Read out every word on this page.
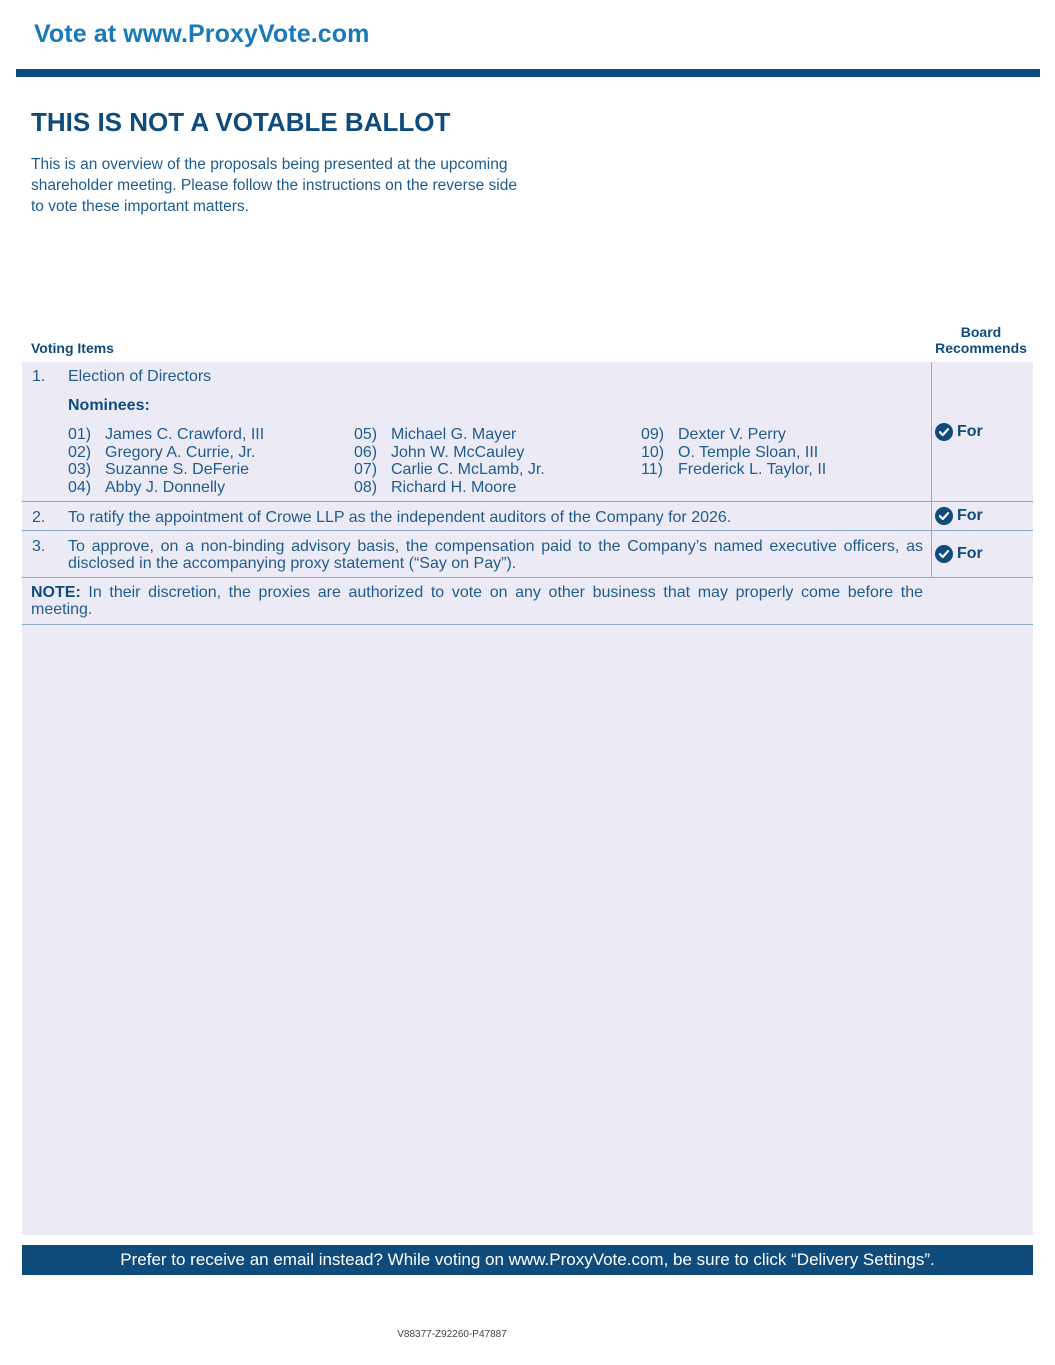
Vote at www.ProxyVote.com
THIS IS NOT A VOTABLE BALLOT

This is an overview of the proposals being presented at the upcoming shareholder meeting. Please follow the instructions on the reverse side to vote these important matters.

Voting Items
Board
Recommends
1. Election of Directors
Nominees:
01) James C. Crawford, III
02) Gregory A. Currie, Jr.
03) Suzanne S. DeFerie
04) Abby J. Donnelly
05) Michael G. Mayer
06) John W. McCauley
07) Carlie C. McLamb, Jr.
08) Richard H. Moore
09) Dexter V. Perry
10) O. Temple Sloan, III
11) Frederick L. Taylor, II
For
2. To ratify the appointment of Crowe LLP as the independent auditors of the Company for 2026.	For
3. To approve, on a non-binding advisory basis, the compensation paid to the Company’s named executive officers, as disclosed in the accompanying proxy statement (“Say on Pay”).
For

NOTE: In their discretion, the proxies are authorized to vote on any other business that may properly come before the meeting.

Prefer to receive an email instead? While voting on www.ProxyVote.com, be sure to click “Delivery Settings”.
V88377-Z92260-P47887
